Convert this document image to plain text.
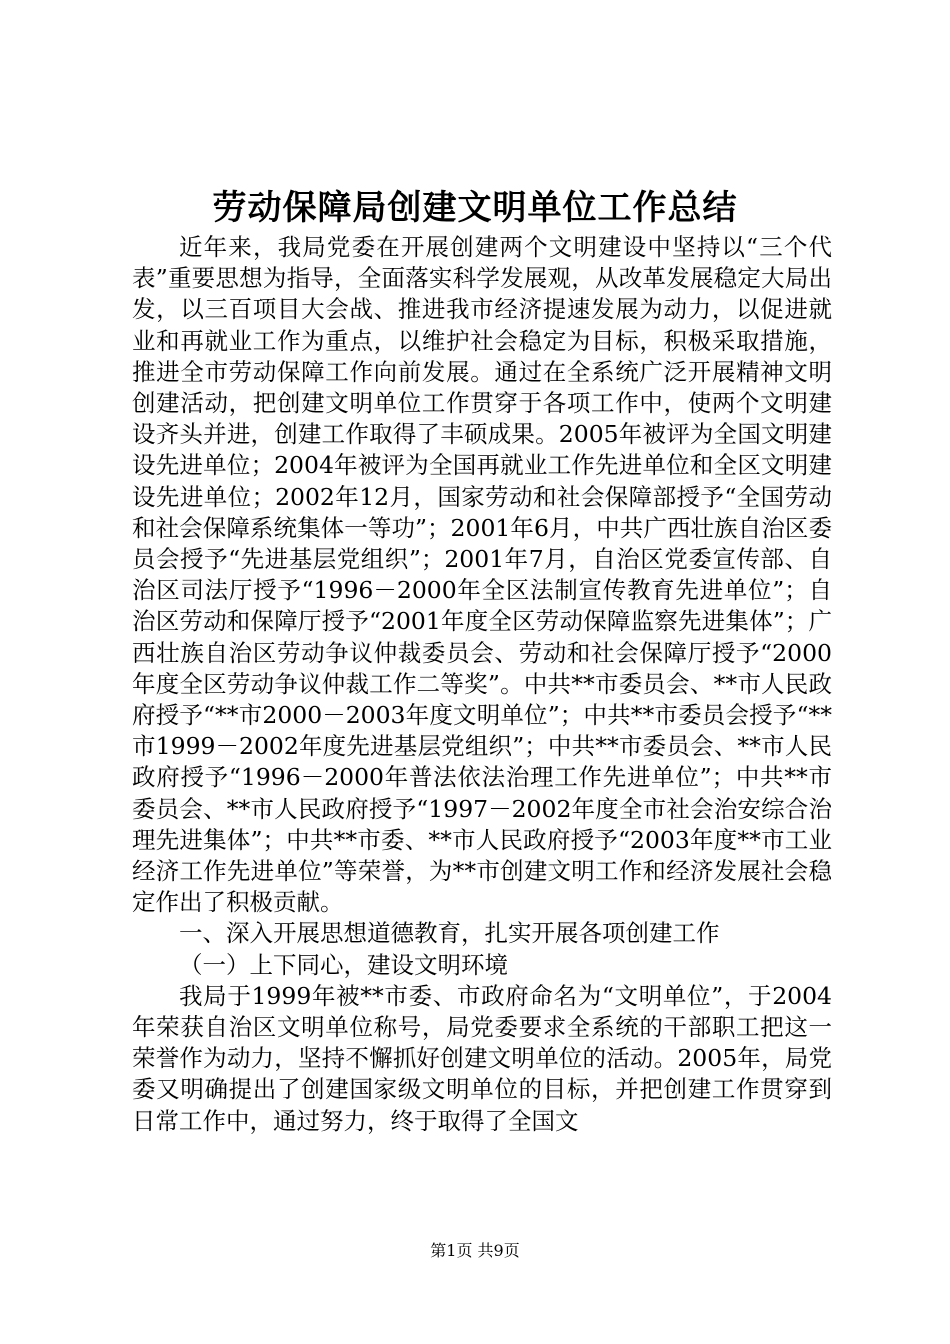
劳动保障局创建文明单位工作总结

近年来，我局党委在开展创建两个文明建设中坚持以“三个代表”重要思想为指导，全面落实科学发展观，从改革发展稳定大局出发，以三百项目大会战、推进我市经济提速发展为动力，以促进就业和再就业工作为重点，以维护社会稳定为目标，积极采取措施，推进全市劳动保障工作向前发展。通过在全系统广泛开展精神文明创建活动，把创建文明单位工作贯穿于各项工作中，使两个文明建设齐头并进，创建工作取得了丰硕成果。2005年被评为全国文明建设先进单位；2004年被评为全国再就业工作先进单位和全区文明建设先进单位；2002年12月，国家劳动和社会保障部授予“全国劳动和社会保障系统集体一等功”；2001年6月，中共广西壮族自治区委员会授予“先进基层党组织”；2001年7月，自治区党委宣传部、自治区司法厅授予“1996－2000年全区法制宣传教育先进单位”；自治区劳动和保障厅授予“2001年度全区劳动保障监察先进集体”；广西壮族自治区劳动争议仲裁委员会、劳动和社会保障厅授予“2000年度全区劳动争议仲裁工作二等奖”。中共**市委员会、**市人民政府授予“**市2000－2003年度文明单位”；中共**市委员会授予“**市1999－2002年度先进基层党组织”；中共**市委员会、**市人民政府授予“1996－2000年普法依法治理工作先进单位”；中共**市委员会、**市人民政府授予“1997－2002年度全市社会治安综合治理先进集体”；中共**市委、**市人民政府授予“2003年度**市工业经济工作先进单位”等荣誉，为**市创建文明工作和经济发展社会稳定作出了积极贡献。

一、深入开展思想道德教育，扎实开展各项创建工作

（一）上下同心，建设文明环境

我局于1999年被**市委、市政府命名为“文明单位”，于2004年荣获自治区文明单位称号，局党委要求全系统的干部职工把这一荣誉作为动力，坚持不懈抓好创建文明单位的活动。2005年，局党委又明确提出了创建国家级文明单位的目标，并把创建工作贯穿到日常工作中，通过努力，终于取得了全国文

第1页 共9页
